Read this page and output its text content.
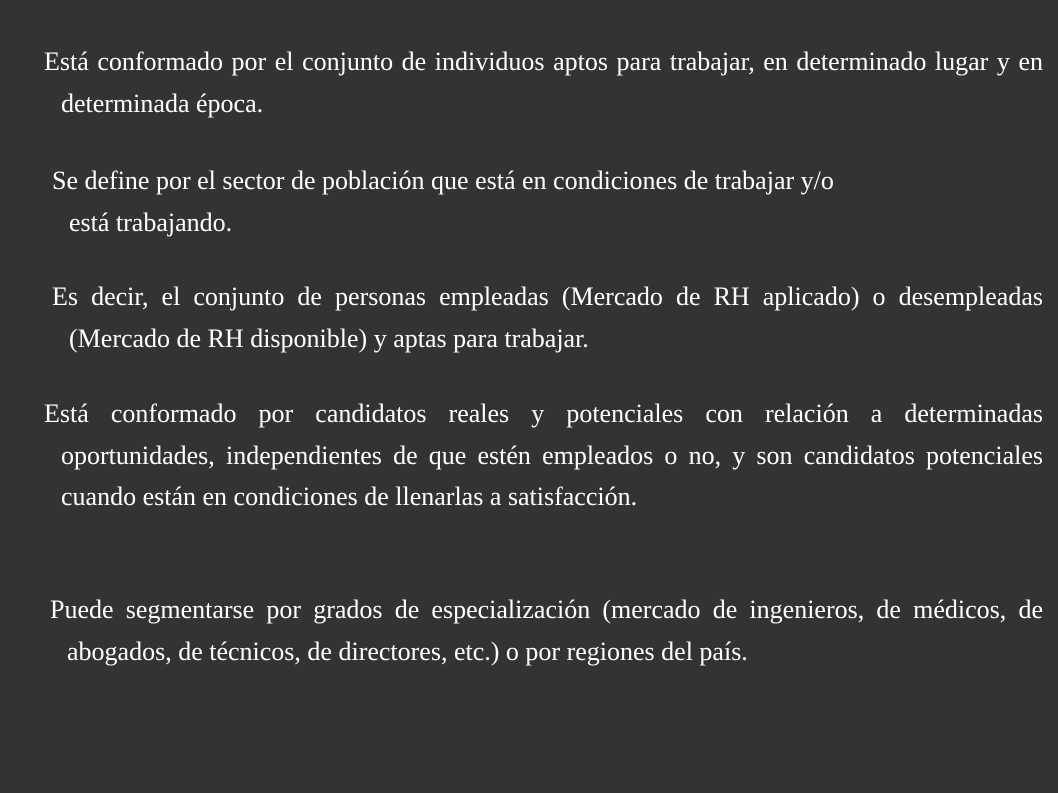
Está conformado por el conjunto de individuos aptos para trabajar, en determinado lugar y en determinada época.

Se define por el sector de población que está en condiciones de trabajar y/o está trabajando.

Es decir, el conjunto de personas empleadas (Mercado de RH aplicado) o desempleadas (Mercado de RH disponible) y aptas para trabajar.

Está conformado por candidatos reales y potenciales con relación a determinadas oportunidades, independientes de que estén empleados o no, y son candidatos potenciales cuando están en condiciones de llenarlas a satisfacción.

Puede segmentarse por grados de especialización (mercado de ingenieros, de médicos, de abogados, de técnicos, de directores, etc.) o por regiones del país.
